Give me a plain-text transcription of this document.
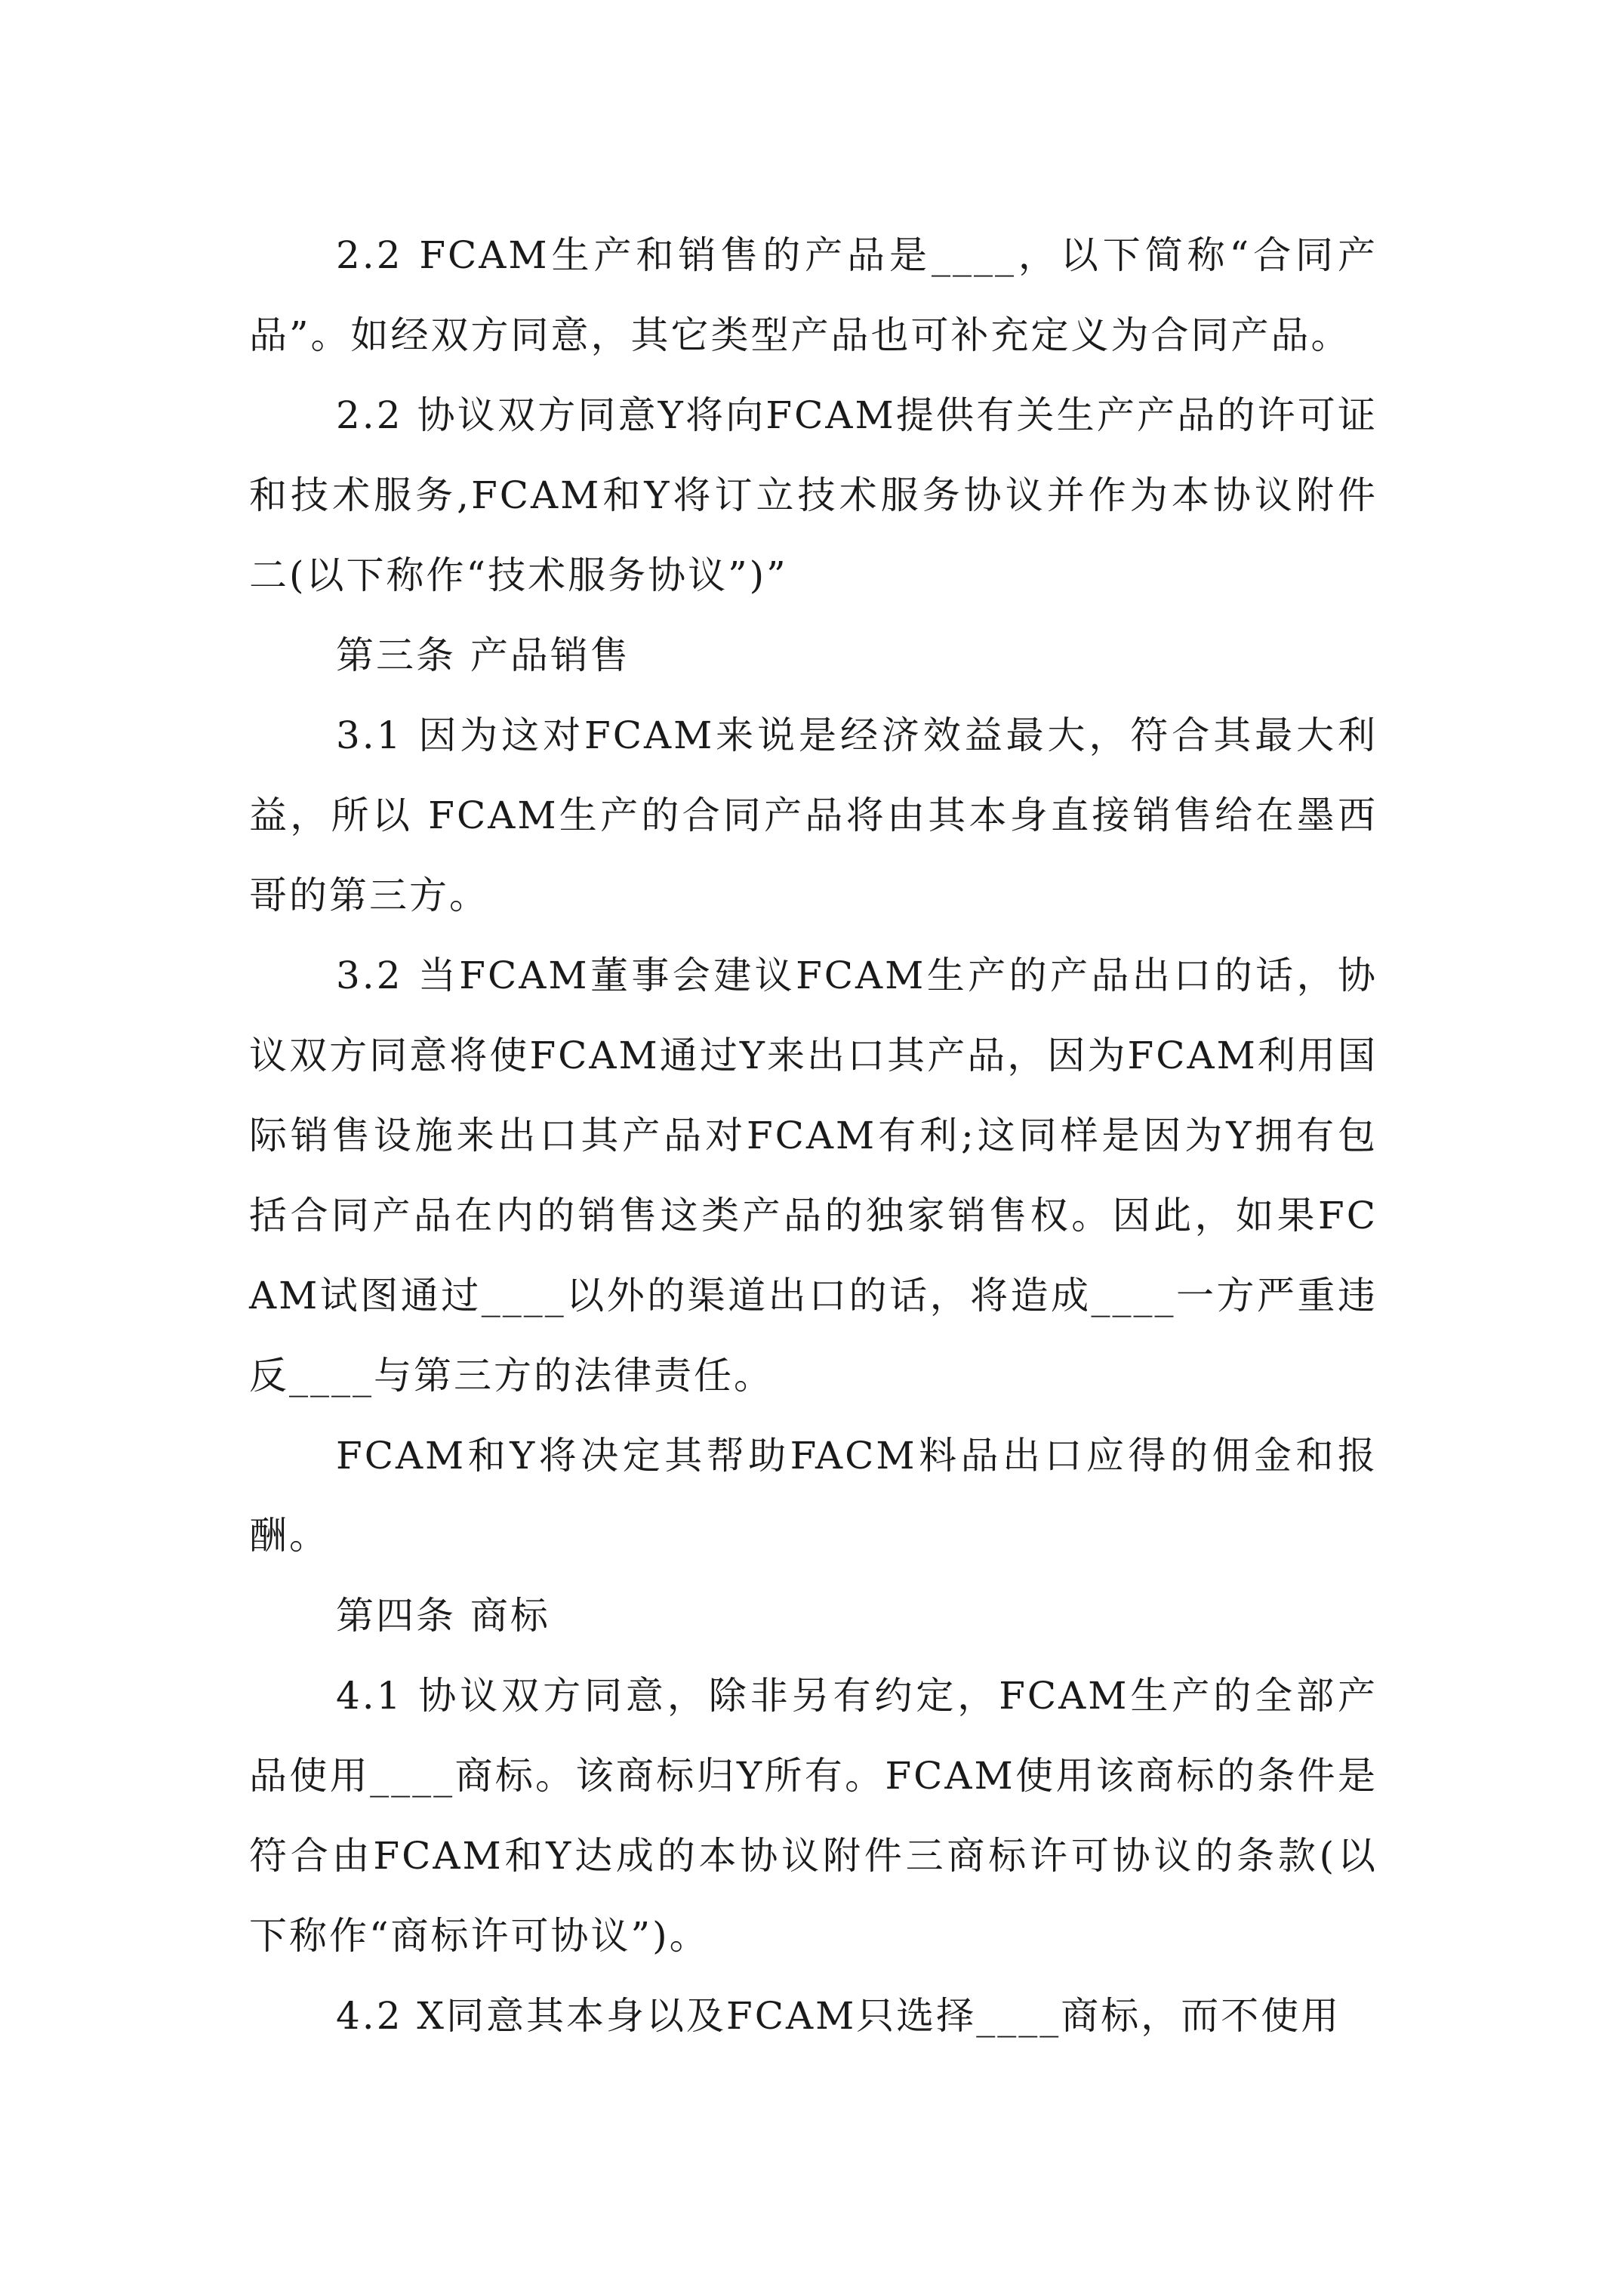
2.2 FCAM生产和销售的产品是____，以下简称“合同产品”。如经双方同意，其它类型产品也可补充定义为合同产品。

2.2 协议双方同意Y将向FCAM提供有关生产产品的许可证和技术服务,FCAM和Y将订立技术服务协议并作为本协议附件二(以下称作“技术服务协议”)”

第三条 产品销售

3.1 因为这对FCAM来说是经济效益最大，符合其最大利益，所以 FCAM生产的合同产品将由其本身直接销售给在墨西哥的第三方。

3.2 当FCAM董事会建议FCAM生产的产品出口的话，协议双方同意将使FCAM通过Y来出口其产品，因为FCAM利用国际销售设施来出口其产品对FCAM有利;这同样是因为Y拥有包括合同产品在内的销售这类产品的独家销售权。因此，如果FCAM试图通过____以外的渠道出口的话，将造成____一方严重违反____与第三方的法律责任。

FCAM和Y将决定其帮助FACM料品出口应得的佣金和报酬。

第四条 商标

4.1 协议双方同意，除非另有约定，FCAM生产的全部产品使用____商标。该商标归Y所有。FCAM使用该商标的条件是符合由FCAM和Y达成的本协议附件三商标许可协议的条款(以下称作“商标许可协议”)。

4.2 X同意其本身以及FCAM只选择____商标，而不使用
